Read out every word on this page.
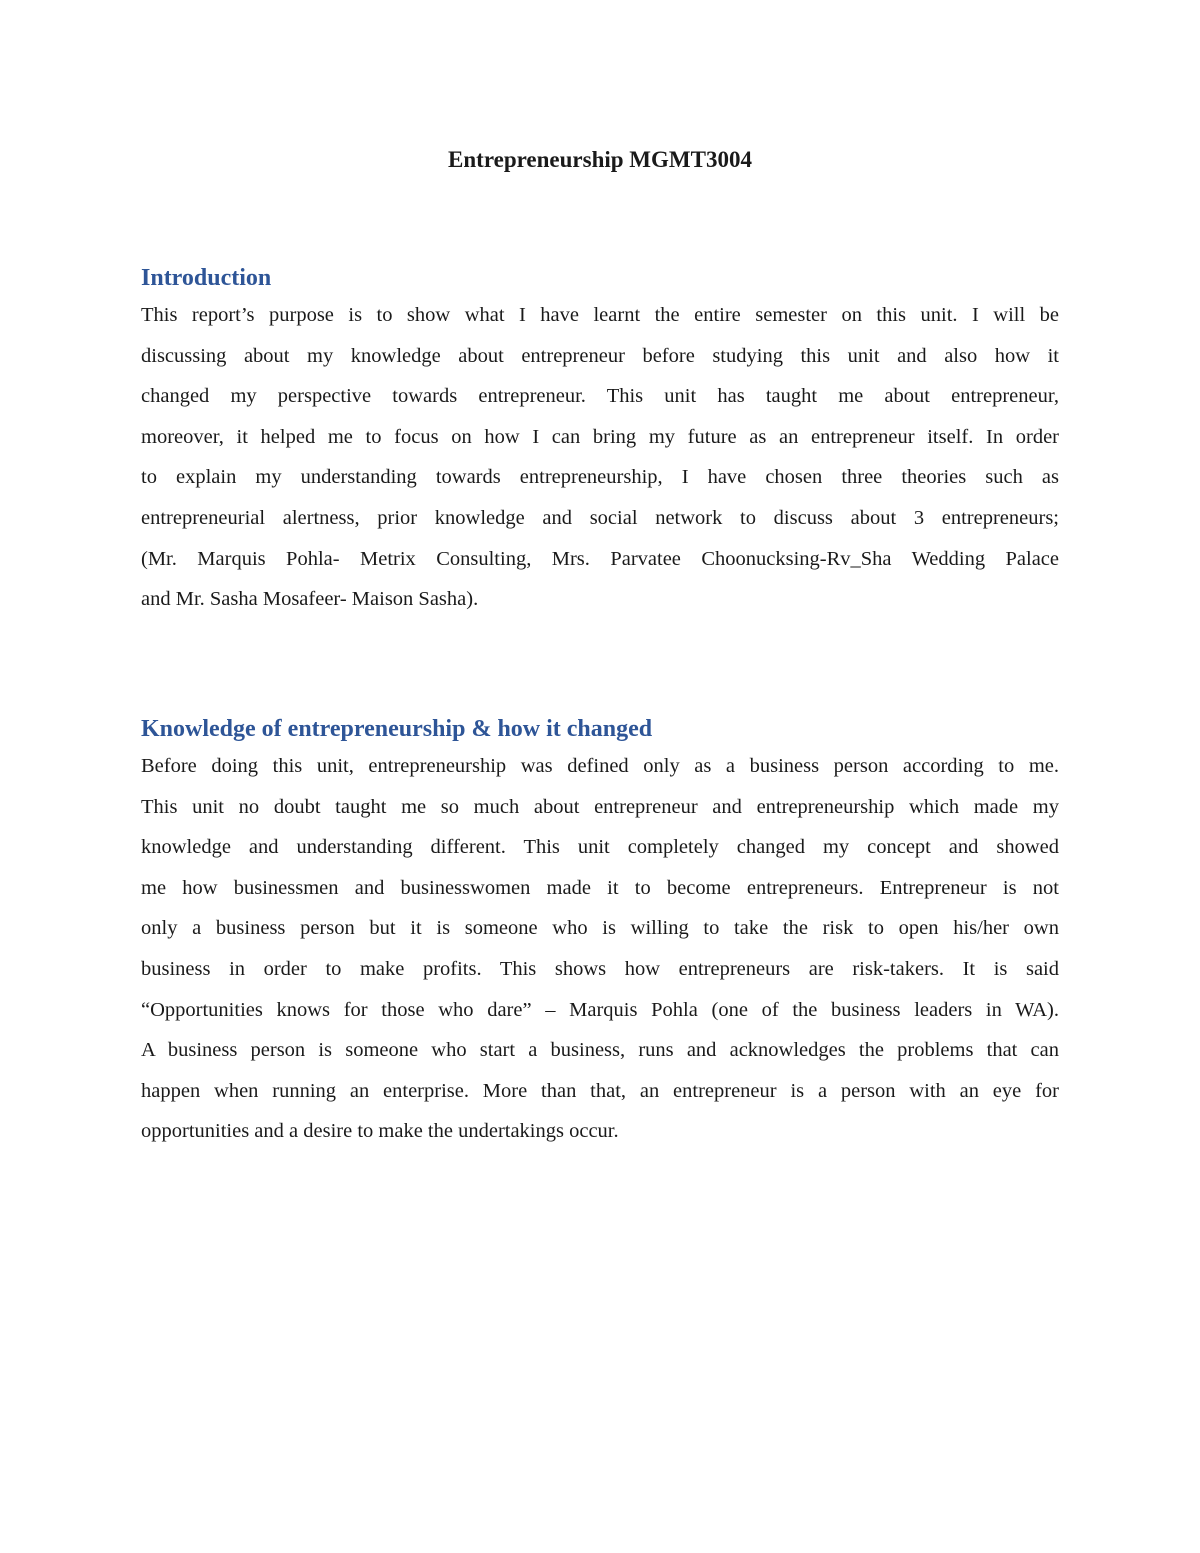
Entrepreneurship MGMT3004
Introduction

This report’s purpose is to show what I have learnt the entire semester on this unit. I will be
discussing about my knowledge about entrepreneur before studying this unit and also how it
changed my perspective towards entrepreneur. This unit has taught me about entrepreneur,
moreover, it helped me to focus on how I can bring my future as an entrepreneur itself. In order
to explain my understanding towards entrepreneurship, I have chosen three theories such as
entrepreneurial alertness, prior knowledge and social network to discuss about 3 entrepreneurs;
(Mr. Marquis Pohla- Metrix Consulting, Mrs. Parvatee Choonucksing-Rv_Sha Wedding Palace
and Mr. Sasha Mosafeer- Maison Sasha).

Knowledge of entrepreneurship & how it changed

Before doing this unit, entrepreneurship was defined only as a business person according to me.
This unit no doubt taught me so much about entrepreneur and entrepreneurship which made my
knowledge and understanding different. This unit completely changed my concept and showed
me how businessmen and businesswomen made it to become entrepreneurs. Entrepreneur is not
only a business person but it is someone who is willing to take the risk to open his/her own
business in order to make profits. This shows how entrepreneurs are risk-takers. It is said
“Opportunities knows for those who dare” – Marquis Pohla (one of the business leaders in WA).
A business person is someone who start a business, runs and acknowledges the problems that can
happen when running an enterprise. More than that, an entrepreneur is a person with an eye for
opportunities and a desire to make the undertakings occur.
